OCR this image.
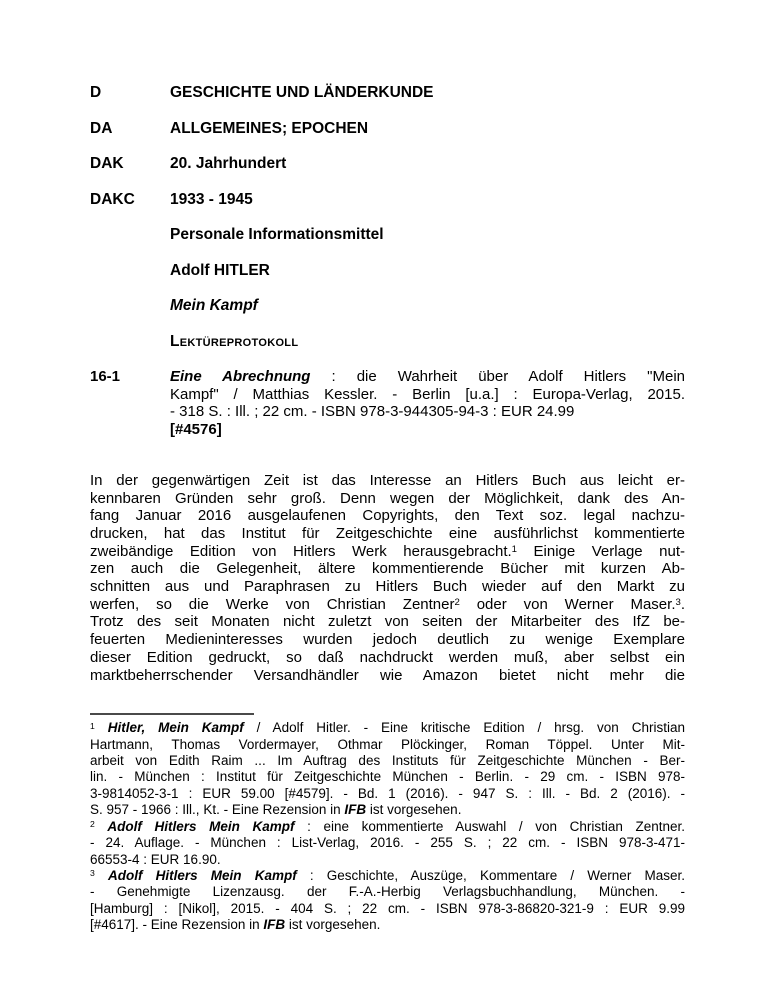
D	GESCHICHTE UND LÄNDERKUNDE
DA	ALLGEMEINES; EPOCHEN
DAK	20. Jahrhundert
DAKC	1933 - 1945
Personale Informationsmittel
Adolf HITLER
Mein Kampf
Lektüreprotokoll
16-1	Eine Abrechnung : die Wahrheit über Adolf Hitlers "Mein
Kampf" / Matthias Kessler. - Berlin [u.a.] : Europa-Verlag, 2015.
- 318 S. : Ill. ; 22 cm. - ISBN 978-3-944305-94-3 : EUR 24.99
[#4576]
In der gegenwärtigen Zeit ist das Interesse an Hitlers Buch aus leicht er-
kennbaren Gründen sehr groß. Denn wegen der Möglichkeit, dank des An-
fang Januar 2016 ausgelaufenen Copyrights, den Text soz. legal nachzu-
drucken, hat das Institut für Zeitgeschichte eine ausführlichst kommentierte
zweibändige Edition von Hitlers Werk herausgebracht.$^1$ Einige Verlage nut-
zen auch die Gelegenheit, ältere kommentierende Bücher mit kurzen Ab-
schnitten aus und Paraphrasen zu Hitlers Buch wieder auf den Markt zu
werfen, so die Werke von Christian Zentner$^2$ oder von Werner Maser.$^3$.
Trotz des seit Monaten nicht zuletzt von seiten der Mitarbeiter des IfZ be-
feuerten Medieninteresses wurden jedoch deutlich zu wenige Exemplare
dieser Edition gedruckt, so daß nachdruckt werden muß, aber selbst ein
marktbeherrschender Versandhändler wie Amazon bietet nicht mehr die
$^1$ Hitler, Mein Kampf / Adolf Hitler. - Eine kritische Edition / hrsg. von Christian
Hartmann, Thomas Vordermayer, Othmar Plöckinger, Roman Töppel. Unter Mit-
arbeit von Edith Raim ... Im Auftrag des Instituts für Zeitgeschichte München - Ber-
lin. - München : Institut für Zeitgeschichte München - Berlin. - 29 cm. - ISBN 978-
3-9814052-3-1 : EUR 59.00 [#4579]. - Bd. 1 (2016). - 947 S. : Ill. - Bd. 2 (2016). -
S. 957 - 1966 : Ill., Kt. - Eine Rezension in IFB ist vorgesehen.
$^2$ Adolf Hitlers Mein Kampf : eine kommentierte Auswahl / von Christian Zentner.
- 24. Auflage. - München : List-Verlag, 2016. - 255 S. ; 22 cm. - ISBN 978-3-471-
66553-4 : EUR 16.90.
$^3$ Adolf Hitlers Mein Kampf : Geschichte, Auszüge, Kommentare / Werner Maser.
- Genehmigte Lizenzausg. der F.-A.-Herbig Verlagsbuchhandlung, München. -
[Hamburg] : [Nikol], 2015. - 404 S. ; 22 cm. - ISBN 978-3-86820-321-9 : EUR 9.99
[#4617]. - Eine Rezension in IFB ist vorgesehen.
